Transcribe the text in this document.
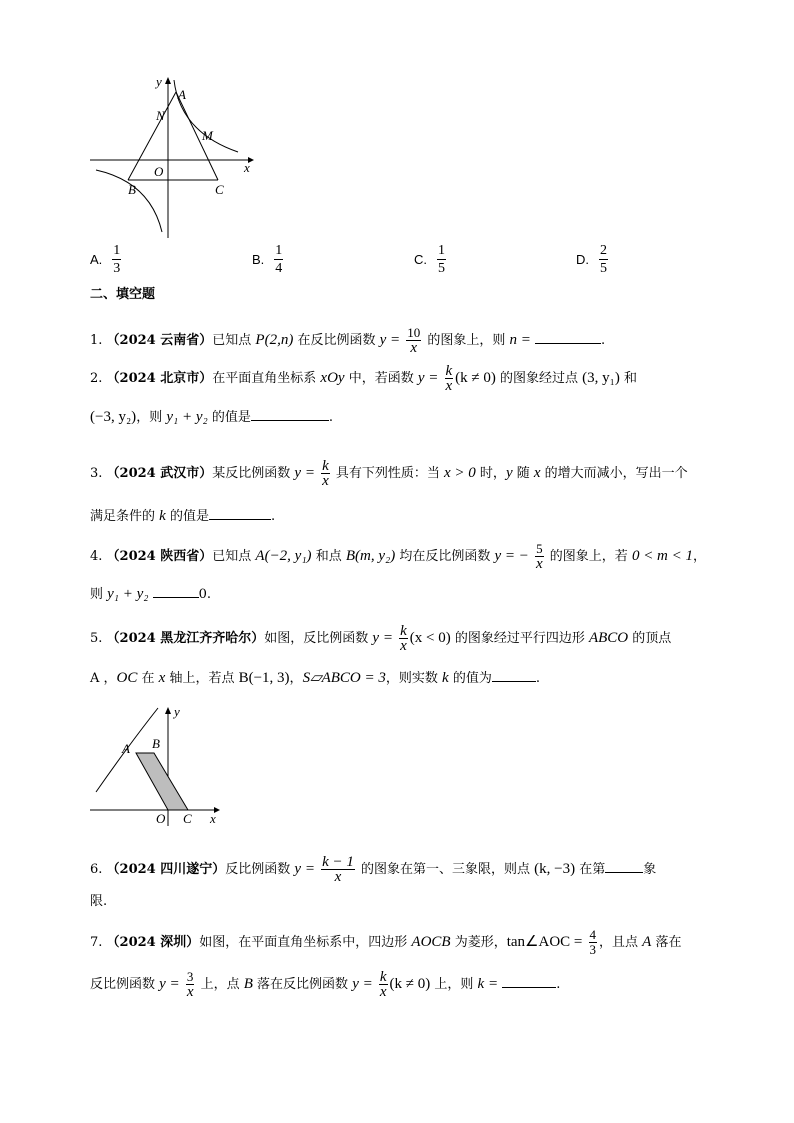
y
A
N
M
x
O
B	C
A. $\frac{1}{3}$	B. $\frac{1}{4}$	C. $\frac{1}{5}$	D. $\frac{2}{5}$
二、填空题
1. （2024 云南省）已知点 P(2,n) 在反比例函数 $y = \frac{10}{x}$ 的图象上，则 n =	.
2. （2024 北京市）在平面直角坐标系 xOy 中，若函数 $y = \frac{k}{x} (k \ne 0)$ 的图象经过点 (3, y₁) 和
(−3, y₂)，则 y₁ + y₂ 的值是	.
3. （2024 武汉市）某反比例函数 $y = \frac{k}{x}$ 具有下列性质：当 x > 0 时，y 随 x 的增大而减小，写出一个
满足条件的 k 的值是	.
4. （2024 陕西省）已知点 A(−2, y₁) 和点 B(m, y₂) 均在反比例函数 y = − $\frac{5}{x}$ 的图象上，若 0 < m < 1，
则 y₁ + y₂	0.
5. （2024 黑龙江齐齐哈尔）如图，反比例函数 $y = \frac{k}{x} (x < 0)$ 的图象经过平行四边形 ABCO 的顶点
A ，OC 在 x 轴上，若点 B(−1, 3)，S▱ABCO = 3，则实数 k 的值为	.
y
A B
O C x
6. （2024 四川遂宁）反比例函数 $y = \frac{k - 1}{x}$ 的图象在第一、三象限，则点 (k, −3) 在第	象
限.
7. （2024 深圳）如图，在平面直角坐标系中，四边形 AOCB 为菱形，tan∠AOC = $\frac{4}{3}$ ，且点 A 落在
反比例函数 $y = \frac{3}{x}$ 上，点 B 落在反比例函数 $y = \frac{k}{x} (k \ne 0)$ 上，则 k =	.
